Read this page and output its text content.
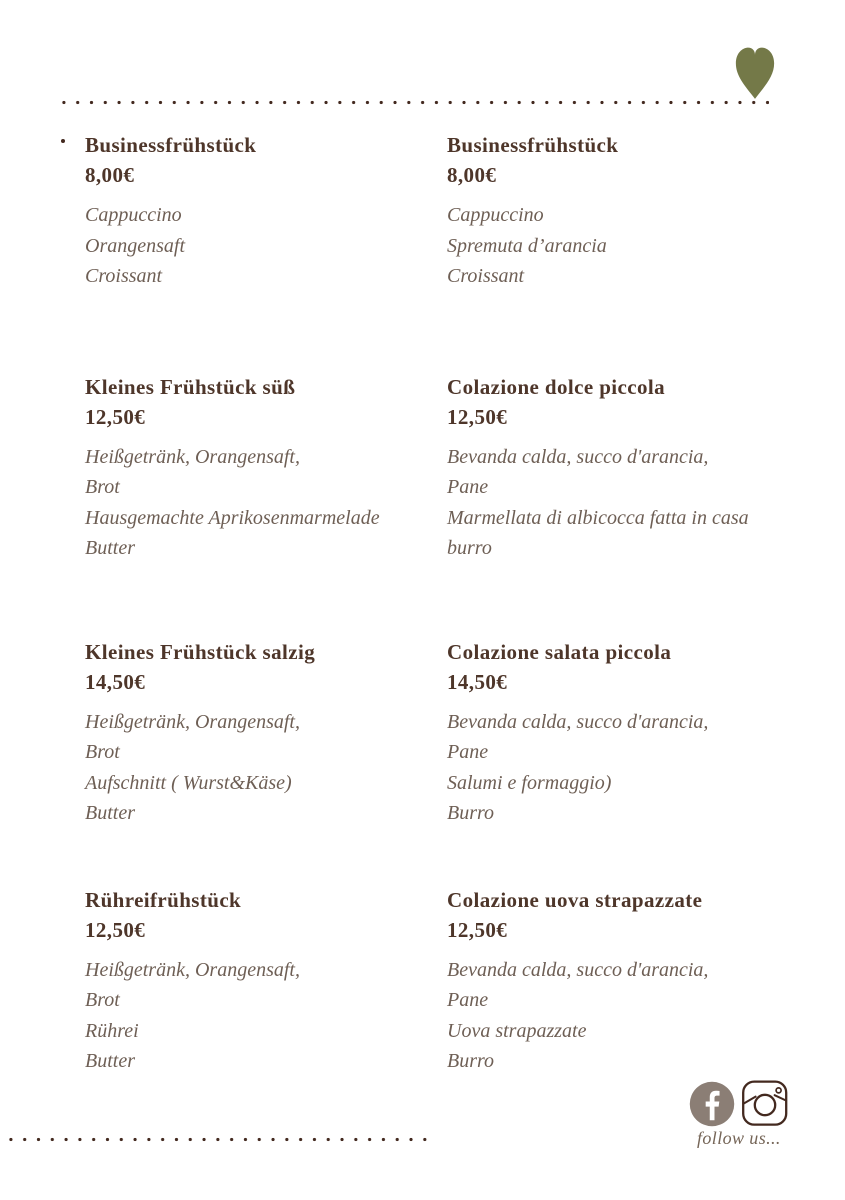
Businessfrühstück
8,00€
Cappuccino
Orangensaft
Croissant
Businessfrühstück
8,00€
Cappuccino
Spremuta d’arancia
Croissant
Kleines Frühstück süß
12,50€
Heißgetränk, Orangensaft,
Brot
Hausgemachte Aprikosenmarmelade
Butter
Colazione dolce piccola
12,50€
Bevanda calda, succo d'arancia,
Pane
Marmellata di albicocca fatta in casa
burro
Kleines Frühstück salzig
14,50€
Heißgetränk, Orangensaft,
Brot
Aufschnitt ( Wurst&Käse)
Butter
Colazione salata piccola
14,50€
Bevanda calda, succo d'arancia,
Pane
Salumi e formaggio)
Burro
Rühreifrühstück
12,50€
Heißgetränk, Orangensaft,
Brot
Rührei
Butter
Colazione uova strapazzate
12,50€
Bevanda calda, succo d'arancia,
Pane
Uova strapazzate
Burro
follow us...
